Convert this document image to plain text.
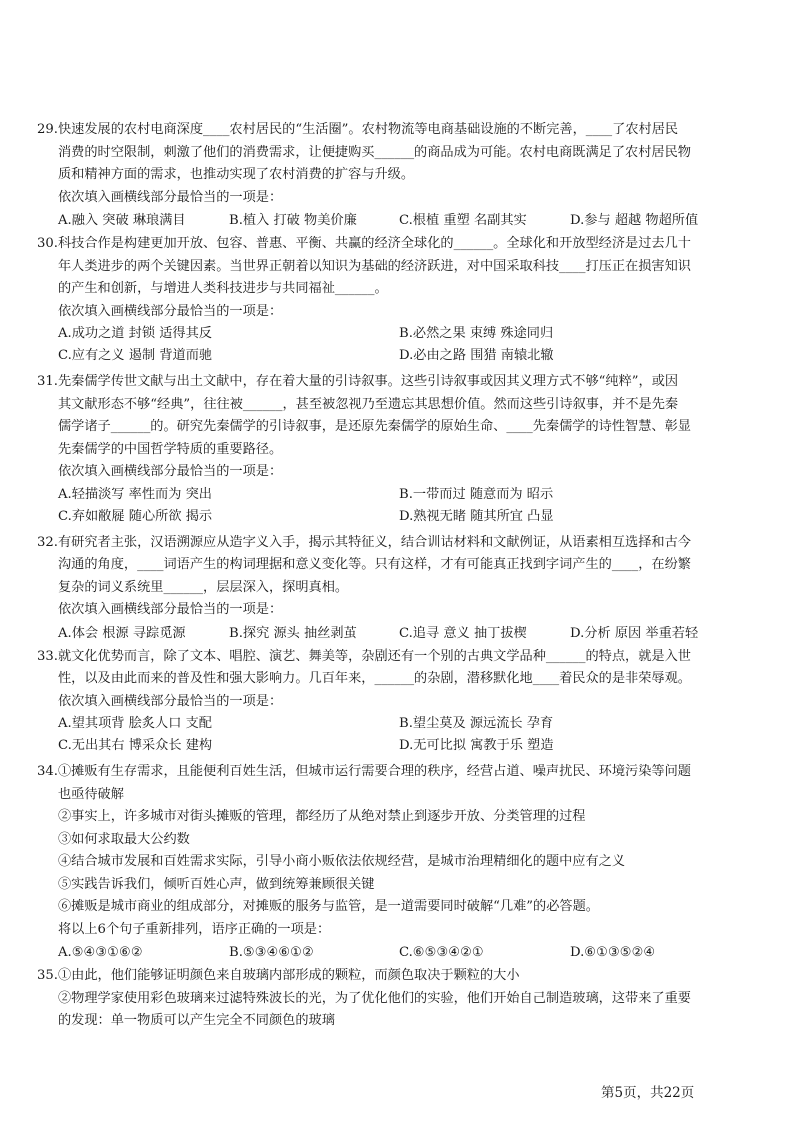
29.快速发展的农村电商深度____农村居民的“生活圈”。农村物流等电商基础设施的不断完善，____了农村居民
消费的时空限制，刺激了他们的消费需求，让便捷购买______的商品成为可能。农村电商既满足了农村居民物
质和精神方面的需求，也推动实现了农村消费的扩容与升级。
依次填入画横线部分最恰当的一项是：
A.融入 突破 琳琅满目	B.植入 打破 物美价廉	C.根植 重塑 名副其实	D.参与 超越 物超所值
30.科技合作是构建更加开放、包容、普惠、平衡、共赢的经济全球化的______。全球化和开放型经济是过去几十
年人类进步的两个关键因素。当世界正朝着以知识为基础的经济跃进，对中国采取科技____打压正在损害知识
的产生和创新，与增进人类科技进步与共同福祉______。
依次填入画横线部分最恰当的一项是：
A.成功之道 封锁 适得其反	B.必然之果 束缚 殊途同归
C.应有之义 遏制 背道而驰	D.必由之路 围猎 南辕北辙
31.先秦儒学传世文献与出土文献中，存在着大量的引诗叙事。这些引诗叙事或因其义理方式不够“纯粹”，或因
其文献形态不够“经典”，往往被______，甚至被忽视乃至遗忘其思想价值。然而这些引诗叙事，并不是先秦
儒学诸子______的。研究先秦儒学的引诗叙事，是还原先秦儒学的原始生命、____先秦儒学的诗性智慧、彰显
先秦儒学的中国哲学特质的重要路径。
依次填入画横线部分最恰当的一项是：
A.轻描淡写 率性而为 突出	B.一带而过 随意而为 昭示
C.弃如敝屣 随心所欲 揭示	D.熟视无睹 随其所宜 凸显
32.有研究者主张，汉语溯源应从造字义入手，揭示其特征义，结合训诂材料和文献例证，从语素相互选择和古今
沟通的角度，____词语产生的构词理据和意义变化等。只有这样，才有可能真正找到字词产生的____，在纷繁
复杂的词义系统里______，层层深入，探明真相。
依次填入画横线部分最恰当的一项是：
A.体会 根源 寻踪觅源	B.探究 源头 抽丝剥茧	C.追寻 意义 抽丁拔楔	D.分析 原因 举重若轻
33.就文化优势而言，除了文本、唱腔、演艺、舞美等，杂剧还有一个别的古典文学品种______的特点，就是入世
性，以及由此而来的普及性和强大影响力。几百年来，______的杂剧，潜移默化地____着民众的是非荣辱观。
依次填入画横线部分最恰当的一项是：
A.望其项背 脍炙人口 支配	B.望尘莫及 源远流长 孕育
C.无出其右 博采众长 建构	D.无可比拟 寓教于乐 塑造
34.①摊贩有生存需求，且能便利百姓生活，但城市运行需要合理的秩序，经营占道、噪声扰民、环境污染等问题
也亟待破解
②事实上，许多城市对街头摊贩的管理，都经历了从绝对禁止到逐步开放、分类管理的过程
③如何求取最大公约数
④结合城市发展和百姓需求实际，引导小商小贩依法依规经营，是城市治理精细化的题中应有之义
⑤实践告诉我们，倾听百姓心声，做到统筹兼顾很关键
⑥摊贩是城市商业的组成部分，对摊贩的服务与监管，是一道需要同时破解“几难”的必答题。
将以上6个句子重新排列，语序正确的一项是：
A.⑤④③①⑥②	B.⑤③④⑥①②	C.⑥⑤③④②①	D.⑥①③⑤②④
35.①由此，他们能够证明颜色来自玻璃内部形成的颗粒，而颜色取决于颗粒的大小
②物理学家使用彩色玻璃来过滤特殊波长的光，为了优化他们的实验，他们开始自己制造玻璃，这带来了重要
的发现：单一物质可以产生完全不同颜色的玻璃
第5页，共22页
